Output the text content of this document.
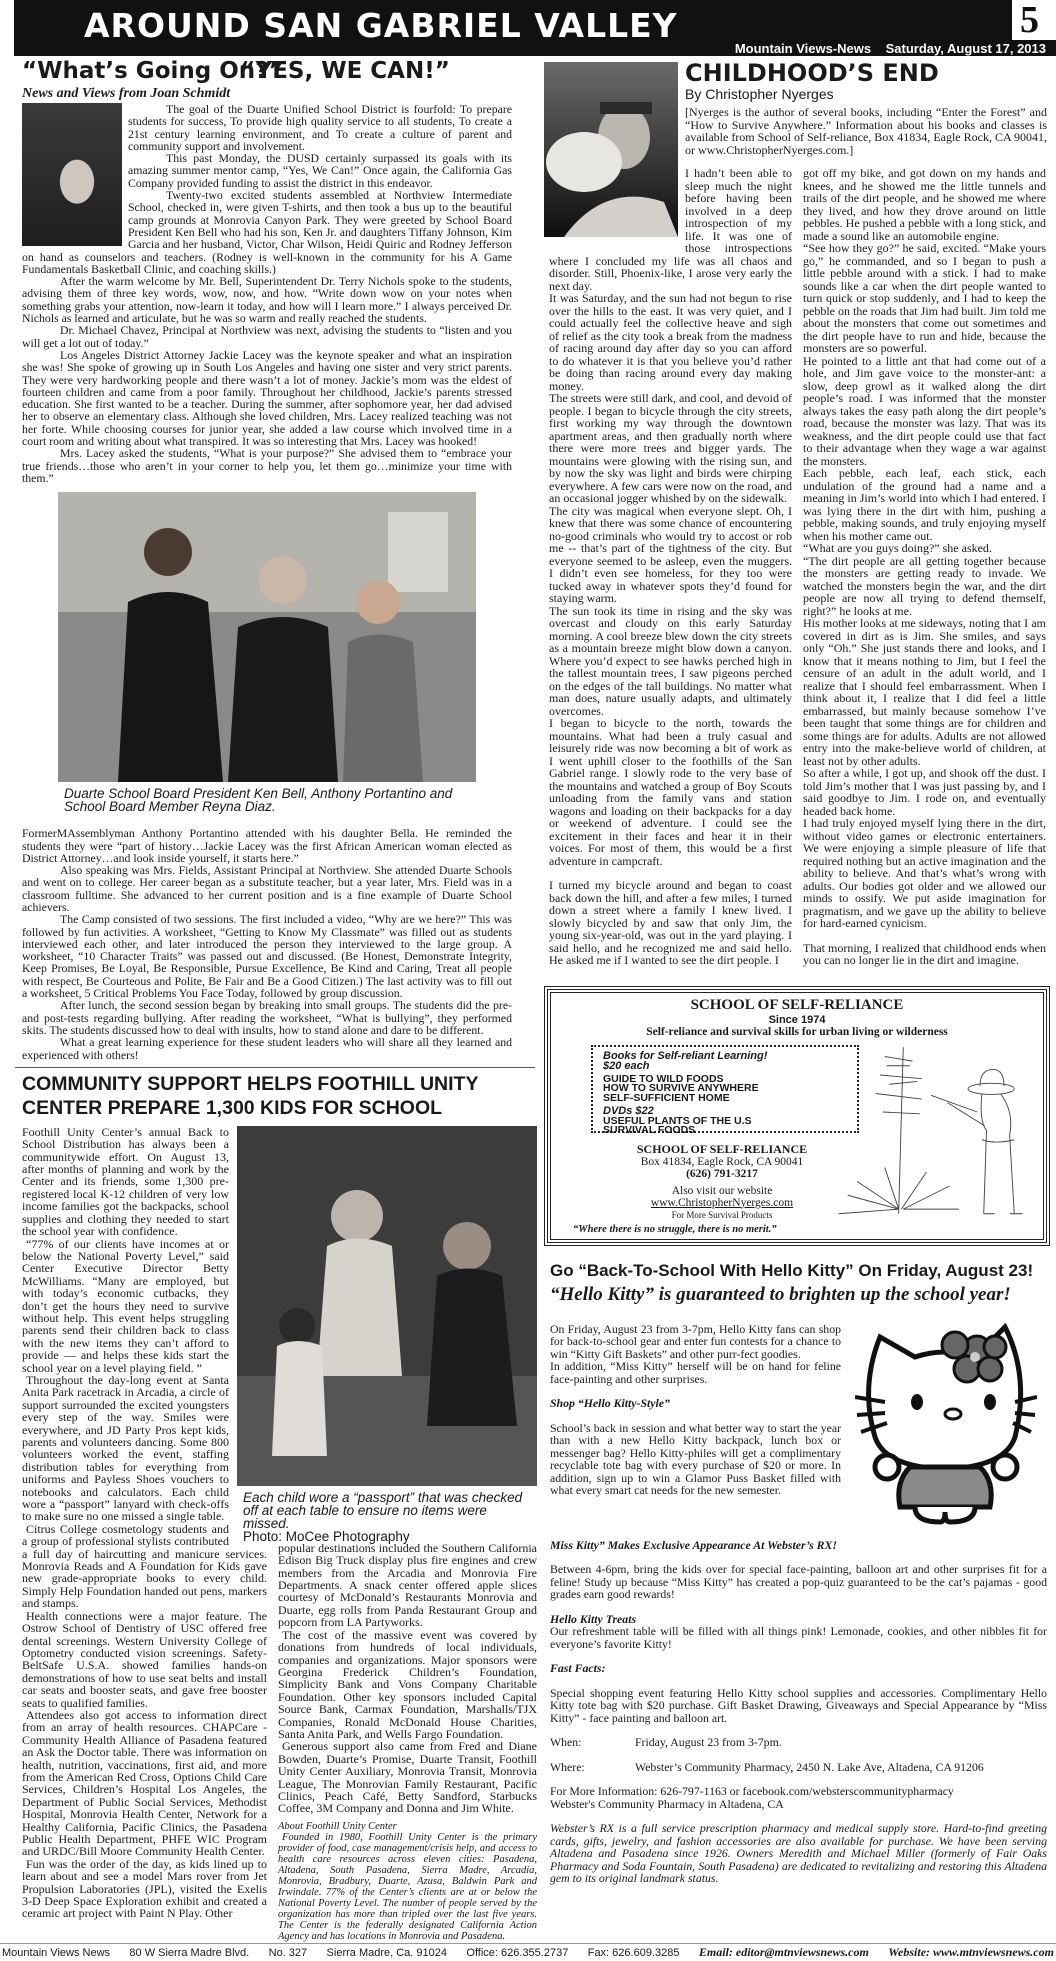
AROUND SAN GABRIEL VALLEY	5
Mountain Views-News Saturday, August 17, 2013
“What’s Going On?”
“YES, WE CAN!”
News and Views from Joan Schmidt

The goal of the Duarte Unified School District is fourfold: To prepare students for success, To provide high quality service to all students, To create a 21st century learning environment, and To create a culture of parent and community support and involvement.

This past Monday, the DUSD certainly surpassed its goals with its amazing summer mentor camp, “Yes, We Can!” Once again, the California Gas Company provided funding to assist the district in this endeavor.

Twenty-two excited students assembled at Northview Intermediate School, checked in, were given T-shirts, and then took a bus up to the beautiful camp grounds at Monrovia Canyon Park. They were greeted by School Board President Ken Bell who had his son, Ken Jr. and daughters Tiffany Johnson, Kim Garcia and her husband, Victor, Char Wilson, Heidi Quiric and Rodney Jefferson on hand as counselors and teachers. (Rodney is well-known in the community for his A Game Fundamentals Basketball Clinic, and coaching skills.)

After the warm welcome by Mr. Bell, Superintendent Dr. Terry Nichols spoke to the students, advising them of three key words, wow, now, and how. “Write down wow on your notes when something grabs your attention, now-learn it today, and how will I learn more.” I always perceived Dr. Nichols as learned and articulate, but he was so warm and really reached the students.

Dr. Michael Chavez, Principal at Northview was next, advising the students to “listen and you will get a lot out of today.”

Los Angeles District Attorney Jackie Lacey was the keynote speaker and what an inspiration she was! She spoke of growing up in South Los Angeles and having one sister and very strict parents. They were very hardworking people and there wasn’t a lot of money. Jackie’s mom was the eldest of fourteen children and came from a poor family. Throughout her childhood, Jackie’s parents stressed education. She first wanted to be a teacher. During the summer, after sophomore year, her dad advised her to observe an elementary class. Although she loved children, Mrs. Lacey realized teaching was not her forte. While choosing courses for junior year, she added a law course which involved time in a court room and writing about what transpired. It was so interesting that Mrs. Lacey was hooked!

Mrs. Lacey asked the students, “What is your purpose?” She advised them to “embrace your true friends…those who aren’t in your corner to help you, let them go…minimize your time with them.”

Duarte School Board President Ken Bell, Anthony Portantino and School Board Member Reyna Diaz.

FormerMAssemblyman Anthony Portantino attended with his daughter Bella. He reminded the students they were “part of history…Jackie Lacey was the first African American woman elected as District Attorney…and look inside yourself, it starts here.”

Also speaking was Mrs. Fields, Assistant Principal at Northview. She attended Duarte Schools and went on to college. Her career began as a substitute teacher, but a year later, Mrs. Field was in a classroom fulltime. She advanced to her current position and is a fine example of Duarte School achievers.

The Camp consisted of two sessions. The first included a video, “Why are we here?” This was followed by fun activities. A worksheet, “Getting to Know My Classmate” was filled out as students interviewed each other, and later introduced the person they interviewed to the large group. A worksheet, “10 Character Traits” was passed out and discussed. (Be Honest, Demonstrate Integrity, Keep Promises, Be Loyal, Be Responsible, Pursue Excellence, Be Kind and Caring, Treat all people with respect, Be Courteous and Polite, Be Fair and Be a Good Citizen.) The last activity was to fill out a worksheet, 5 Critical Problems You Face Today, followed by group discussion.

After lunch, the second session began by breaking into small groups. The students did the pre- and post-tests regarding bullying. After reading the worksheet, “What is bullying”, they performed skits. The students discussed how to deal with insults, how to stand alone and dare to be different.

What a great learning experience for these student leaders who will share all they learned and experienced with others!

COMMUNITY SUPPORT HELPS FOOTHILL UNITY CENTER PREPARE 1,300 KIDS FOR SCHOOL
Each child wore a “passport” that was checked off at each table to ensure no items were missed.
Photo: MoCee Photography

Foothill Unity Center’s annual Back to School Distribution has always been a communitywide effort. On August 13, after months of planning and work by the Center and its friends, some 1,300 pre-registered local K-12 children of very low income families got the backpacks, school supplies and clothing they needed to start the school year with confidence.

“77% of our clients have incomes at or below the National Poverty Level,” said Center Executive Director Betty McWilliams. “Many are employed, but with today’s economic cutbacks, they don’t get the hours they need to survive without help. This event helps struggling parents send their children back to class with the new items they can’t afford to provide — and helps these kids start the school year on a level playing field. ”

Throughout the day-long event at Santa Anita Park racetrack in Arcadia, a circle of support surrounded the excited youngsters every step of the way. Smiles were everywhere, and JD Party Pros kept kids, parents and volunteers dancing. Some 800 volunteers worked the event, staffing distribution tables for everything from uniforms and Payless Shoes vouchers to notebooks and calculators. Each child wore a “passport” lanyard with check-offs to make sure no one missed a single table.

Citrus College cosmetology students and a group of professional stylists contributed a full day of haircutting and manicure services. Monrovia Reads and A Foundation for Kids gave new grade-appropriate books to every child. Simply Help Foundation handed out pens, markers and stamps.

Health connections were a major feature. The Ostrow School of Dentistry of USC offered free dental screenings. Western University College of Optometry conducted vision screenings. Safety-BeltSafe U.S.A. showed families hands-on demonstrations of how to use seat belts and install car seats and booster seats, and gave free booster seats to qualified families.

Attendees also got access to information direct from an array of health resources. CHAPCare - Community Health Alliance of Pasadena featured an Ask the Doctor table. There was information on health, nutrition, vaccinations, first aid, and more from the American Red Cross, Options Child Care Services, Children’s Hospital Los Angeles, the Department of Public Social Services, Methodist Hospital, Monrovia Health Center, Network for a Healthy California, Pacific Clinics, the Pasadena Public Health Department, PHFE WIC Program and URDC/Bill Moore Community Health Center.

Fun was the order of the day, as kids lined up to learn about and see a model Mars rover from Jet Propulsion Laboratories (JPL), visited the Exelis 3-D Deep Space Exploration exhibit and created a ceramic art project with Paint N Play. Other

popular destinations included the Southern California Edison Big Truck display plus fire engines and crew members from the Arcadia and Monrovia Fire Departments. A snack center offered apple slices courtesy of McDonald’s Restaurants Monrovia and Duarte, egg rolls from Panda Restaurant Group and popcorn from LA Partyworks.

The cost of the massive event was covered by donations from hundreds of local individuals, companies and organizations. Major sponsors were Georgina Frederick Children’s Foundation, Simplicity Bank and Vons Company Charitable Foundation. Other key sponsors included Capital Source Bank, Carmax Foundation, Marshalls/TJX Companies, Ronald McDonald House Charities, Santa Anita Park, and Wells Fargo Foundation.

Generous support also came from Fred and Diane Bowden, Duarte’s Promise, Duarte Transit, Foothill Unity Center Auxiliary, Monrovia Transit, Monrovia League, The Monrovian Family Restaurant, Pacific Clinics, Peach Café, Betty Sandford, Starbucks Coffee, 3M Company and Donna and Jim White.

About Foothill Unity Center
Founded in 1980, Foothill Unity Center is the primary provider of food, case management/crisis help, and access to health care resources across eleven cities: Pasadena, Altadena, South Pasadena, Sierra Madre, Arcadia, Monrovia, Bradbury, Duarte, Azusa, Baldwin Park and Irwindale. 77% of the Center’s clients are at or below the National Poverty Level. The number of people served by the organization has more than tripled over the last five years. The Center is the federally designated California Action Agency and has locations in Monrovia and Pasadena.
CHILDHOOD’S END
By Christopher Nyerges
[Nyerges is the author of several books, including “Enter the Forest” and “How to Survive Anywhere.” Information about his books and classes is available from School of Self-reliance, Box 41834, Eagle Rock, CA 90041, or www.ChristopherNyerges.com.]

I hadn’t been able to sleep much the night before having been involved in a deep introspection of my life. It was one of those introspections where I concluded my life was all chaos and disorder. Still, Phoenix-like, I arose very early the next day.

It was Saturday, and the sun had not begun to rise over the hills to the east. It was very quiet, and I could actually feel the collective heave and sigh of relief as the city took a break from the madness of racing around day after day so you can afford to do whatever it is that you believe you’d rather be doing than racing around every day making money.

The streets were still dark, and cool, and devoid of people. I began to bicycle through the city streets, first working my way through the downtown apartment areas, and then gradually north where there were more trees and bigger yards. The mountains were glowing with the rising sun, and by now the sky was light and birds were chirping everywhere. A few cars were now on the road, and an occasional jogger whished by on the sidewalk.

The city was magical when everyone slept. Oh, I knew that there was some chance of encountering no-good criminals who would try to accost or rob me -- that’s part of the tightness of the city. But everyone seemed to be asleep, even the muggers. I didn’t even see homeless, for they too were tucked away in whatever spots they’d found for staying warm.

The sun took its time in rising and the sky was overcast and cloudy on this early Saturday morning. A cool breeze blew down the city streets as a mountain breeze might blow down a canyon. Where you’d expect to see hawks perched high in the tallest mountain trees, I saw pigeons perched on the edges of the tall buildings. No matter what man does, nature usually adapts, and ultimately overcomes.

I began to bicycle to the north, towards the mountains. What had been a truly casual and leisurely ride was now becoming a bit of work as I went uphill closer to the foothills of the San Gabriel range. I slowly rode to the very base of the mountains and watched a group of Boy Scouts unloading from the family vans and station wagons and loading on their backpacks for a day or weekend of adventure. I could see the excitement in their faces and hear it in their voices. For most of them, this would be a first adventure in campcraft.

I turned my bicycle around and began to coast back down the hill, and after a few miles, I turned down a street where a family I knew lived. I slowly bicycled by and saw that only Jim, the young six-year-old, was out in the yard playing. I said hello, and he recognized me and said hello. He asked me if I wanted to see the dirt people. I

got off my bike, and got down on my hands and knees, and he showed me the little tunnels and trails of the dirt people, and he showed me where they lived, and how they drove around on little pebbles. He pushed a pebble with a long stick, and made a sound like an automobile engine.

“See how they go?” he said, excited. “Make yours go,” he commanded, and so I began to push a little pebble around with a stick. I had to make sounds like a car when the dirt people wanted to turn quick or stop suddenly, and I had to keep the pebble on the roads that Jim had built. Jim told me about the monsters that come out sometimes and the dirt people have to run and hide, because the monsters are so powerful.

He pointed to a little ant that had come out of a hole, and Jim gave voice to the monster-ant: a slow, deep growl as it walked along the dirt people’s road. I was informed that the monster always takes the easy path along the dirt people’s road, because the monster was lazy. That was its weakness, and the dirt people could use that fact to their advantage when they wage a war against the monsters.

Each pebble, each leaf, each stick, each undulation of the ground had a name and a meaning in Jim’s world into which I had entered. I was lying there in the dirt with him, pushing a pebble, making sounds, and truly enjoying myself when his mother came out.

“What are you guys doing?” she asked.

“The dirt people are all getting together because the monsters are getting ready to invade. We watched the monsters begin the war, and the dirt people are now all trying to defend themself, right?” he looks at me.

His mother looks at me sideways, noting that I am covered in dirt as is Jim. She smiles, and says only “Oh.” She just stands there and looks, and I know that it means nothing to Jim, but I feel the censure of an adult in the adult world, and I realize that I should feel embarrassment. When I think about it, I realize that I did feel a little embarrassed, but mainly because somehow I’ve been taught that some things are for children and some things are for adults. Adults are not allowed entry into the make-believe world of children, at least not by other adults.

So after a while, I got up, and shook off the dust. I told Jim’s mother that I was just passing by, and I said goodbye to Jim. I rode on, and eventually headed back home.

I had truly enjoyed myself lying there in the dirt, without video games or electronic entertainers. We were enjoying a simple pleasure of life that required nothing but an active imagination and the ability to believe. And that’s what’s wrong with adults. Our bodies got older and we allowed our minds to ossify. We put aside imagination for pragmatism, and we gave up the ability to believe for hard-earned cynicism.

That morning, I realized that childhood ends when you can no longer lie in the dirt and imagine.

SCHOOL OF SELF-RELIANCE
Since 1974
Self-reliance and survival skills for urban living or wilderness
Books for Self-reliant Learning!
$20 each
GUIDE TO WILD FOODS
HOW TO SURVIVE ANYWHERE
SELF-SUFFICIENT HOME
DVDs $22
USEFUL PLANTS OF THE U.S
SURVIVAL FOODS
SCHOOL OF SELF-RELIANCE
Box 41834, Eagle Rock, CA 90041
(626) 791-3217
Also visit our website
www.ChristopherNyerges.com
For More Survival Products
“Where there is no struggle, there is no merit.”
Go “Back-To-School With Hello Kitty” On Friday, August 23!
“Hello Kitty” is guaranteed to brighten up the school year!

On Friday, August 23 from 3-7pm, Hello Kitty fans can shop for back-to-school gear and enter fun contests for a chance to win “Kitty Gift Baskets” and other purr-fect goodies.

In addition, “Miss Kitty” herself will be on hand for feline face-painting and other surprises.

Shop “Hello Kitty-Style”

School’s back in session and what better way to start the year than with a new Hello Kitty backpack, lunch box or messenger bag? Hello Kitty-philes will get a complimentary recyclable tote bag with every purchase of $20 or more. In addition, sign up to win a Glamor Puss Basket filled with what every smart cat needs for the new semester.

Miss Kitty” Makes Exclusive Appearance At Webster’s RX!

Between 4-6pm, bring the kids over for special face-painting, balloon art and other surprises fit for a feline! Study up because “Miss Kitty” has created a pop-quiz guaranteed to be the cat’s pajamas - good grades earn good rewards!

Hello Kitty Treats

Our refreshment table will be filled with all things pink! Lemonade, cookies, and other nibbles fit for everyone’s favorite Kitty!

Fast Facts:

Special shopping event featuring Hello Kitty school supplies and accessories. Complimentary Hello Kitty tote bag with $20 purchase. Gift Basket Drawing, Giveaways and Special Appearance by “Miss Kitty” - face painting and balloon art.

When:	Friday, August 23 from 3-7pm.

Where:	Webster’s Community Pharmacy, 2450 N. Lake Ave, Altadena, CA 91206

For More Information: 626-797-1163 or facebook.com/websterscommunitypharmacy

Webster's Community Pharmacy in Altadena, CA

Webster’s RX is a full service prescription pharmacy and medical supply store. Hard-to-find greeting cards, gifts, jewelry, and fashion accessories are also available for purchase. We have been serving Altadena and Pasadena since 1926. Owners Meredith and Michael Miller (formerly of Fair Oaks Pharmacy and Soda Fountain, South Pasadena) are dedicated to revitalizing and restoring this Altadena gem to its original landmark status.

Mountain Views News 80 W Sierra Madre Blvd. No. 327 Sierra Madre, Ca. 91024 Office: 626.355.2737 Fax: 626.609.3285 Email: editor@mtnviewsnews.com Website: www.mtnviewsnews.com
